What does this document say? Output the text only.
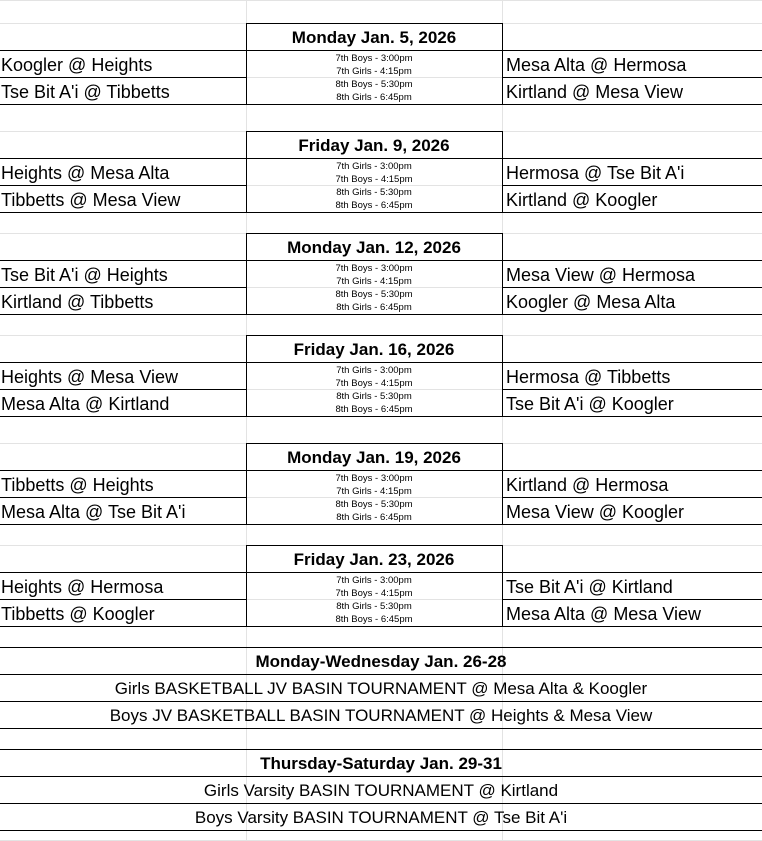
Monday Jan. 5, 2026
Koogler @ Heights
Tse Bit A'i @ Tibbetts
Mesa Alta @ Hermosa
Kirtland @ Mesa View
7th Boys - 3:00pm
7th Girls - 4:15pm
8th Boys - 5:30pm
8th Girls - 6:45pm
Friday Jan. 9, 2026
Heights @ Mesa Alta
Tibbetts @ Mesa View
Hermosa @ Tse Bit A'i
Kirtland @ Koogler
7th Girls - 3:00pm
7th Boys - 4:15pm
8th Girls - 5:30pm
8th Boys - 6:45pm
Monday Jan. 12, 2026
Tse Bit A'i @ Heights
Kirtland @ Tibbetts
Mesa View @ Hermosa
Koogler @ Mesa Alta
7th Boys - 3:00pm
7th Girls - 4:15pm
8th Boys - 5:30pm
8th Girls - 6:45pm
Friday Jan. 16, 2026
Heights @ Mesa View
Mesa Alta @ Kirtland
Hermosa @ Tibbetts
Tse Bit A'i @ Koogler
7th Girls - 3:00pm
7th Boys - 4:15pm
8th Girls - 5:30pm
8th Boys - 6:45pm
Monday Jan. 19, 2026
Tibbetts @ Heights
Mesa Alta @ Tse Bit A'i
Kirtland @ Hermosa
Mesa View @ Koogler
7th Boys - 3:00pm
7th Girls - 4:15pm
8th Boys - 5:30pm
8th Girls - 6:45pm
Friday Jan. 23, 2026
Heights @ Hermosa
Tibbetts @ Koogler
Tse Bit A'i @ Kirtland
Mesa Alta @ Mesa View
7th Girls - 3:00pm
7th Boys - 4:15pm
8th Girls - 5:30pm
8th Boys - 6:45pm
Monday-Wednesday Jan. 26-28
Girls BASKETBALL JV BASIN TOURNAMENT @ Mesa Alta & Koogler
Boys JV BASKETBALL BASIN TOURNAMENT @ Heights & Mesa View
Thursday-Saturday Jan. 29-31
Girls Varsity BASIN TOURNAMENT @ Kirtland
Boys Varsity BASIN TOURNAMENT @ Tse Bit A'i
